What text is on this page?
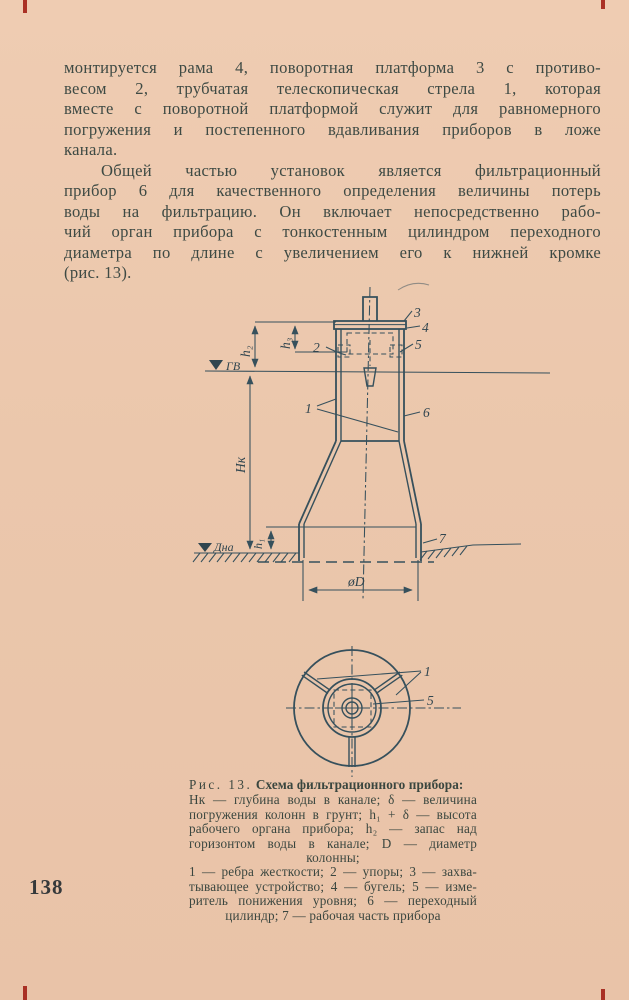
монтируется рама 4, поворотная платформа 3 с противо-
весом 2, трубчатая телескопическая стрела 1, которая
вместе с поворотной платформой служит для равномерного
погружения и постепенного вдавливания приборов в ложе
канала.
Общей частью установок является фильтрационный
прибор 6 для качественного определения величины потерь
воды на фильтрацию. Он включает непосредственно рабо-
чий орган прибора с тонкостенным цилиндром переходного
диаметра по длине с увеличением его к нижней кромке
(рис. 13).
ГВ
h₂
h₃ 2
3
4
5
1	6
h₁
Дна
Нк
7
øD
1
5
Рис. 13. Схема фильтрационного прибора:
Нк — глубина воды в канале; δ — величина
погружения колонн в грунт; h₁ + δ — высота
рабочего органа прибора; h₂ — запас над
горизонтом воды в канале; D — диаметр
колонны;
1 — ребра жесткости; 2 — упоры; 3 — захва-
тывающее устройство; 4 — бугель; 5 — изме-
ритель понижения уровня; 6 — переходный
цилиндр; 7 — рабочая часть прибора
138
